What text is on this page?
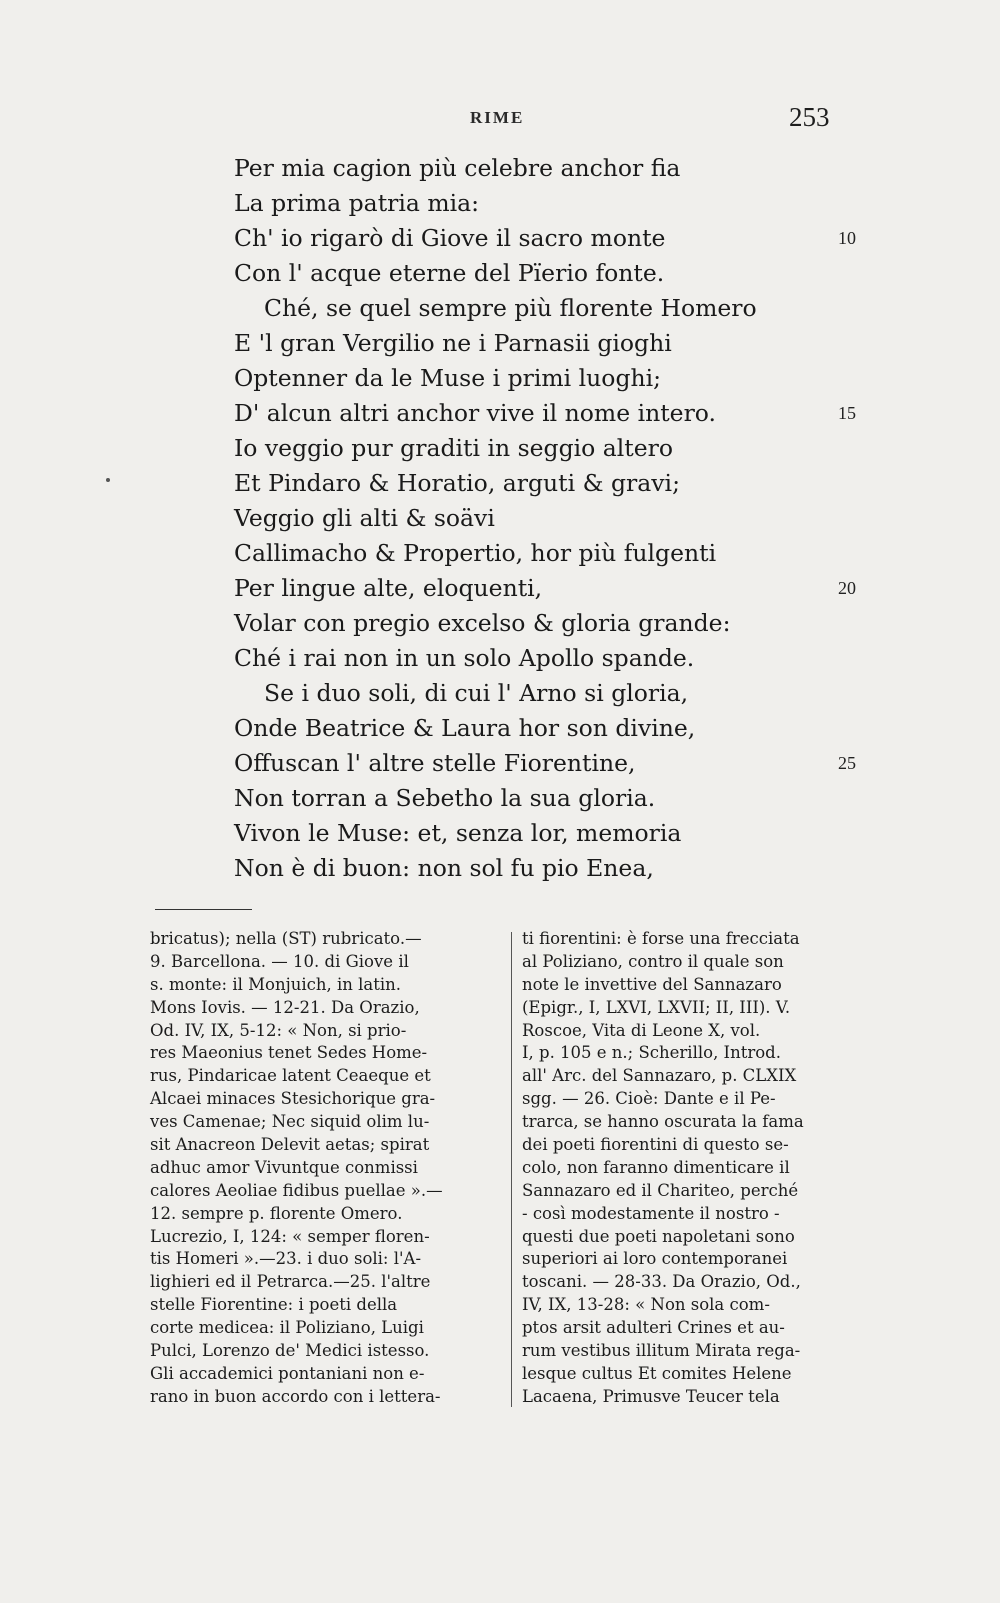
RIME	253
Per mia cagion più celebre anchor fia
La prima patria mia:
Ch' io rigarò di Giove il sacro monte
Con l' acque eterne del Pïerio fonte.
Ché, se quel sempre più florente Homero
E 'l gran Vergilio ne i Parnasii gioghi
Optenner da le Muse i primi luoghi;
D' alcun altri anchor vive il nome intero.
Io veggio pur graditi in seggio altero
Et Pindaro & Horatio, arguti & gravi;
Veggio gli alti & soävi
Callimacho & Propertio, hor più fulgenti
Per lingue alte, eloquenti,
Volar con pregio excelso & gloria grande:
Ché i rai non in un solo Apollo spande.
Se i duo soli, di cui l' Arno si gloria,
Onde Beatrice & Laura hor son divine,
Offuscan l' altre stelle Fiorentine,
Non torran a Sebetho la sua gloria.
Vivon le Muse: et, senza lor, memoria
Non è di buon: non sol fu pio Enea,
10
15
20
25
bricatus); nella (ST) rubricato.—
9. Barcellona. — 10. di Giove il
s. monte: il Monjuich, in latin.
Mons Iovis. — 12-21. Da Orazio,
Od. IV, IX, 5-12: « Non, si prio-
res Maeonius tenet Sedes Home-
rus, Pindaricae latent Ceaeque et
Alcaei minaces Stesichorique gra-
ves Camenae; Nec siquid olim lu-
sit Anacreon Delevit aetas; spirat
adhuc amor Vivuntque conmissi
calores Aeoliae fidibus puellae ».—
12. sempre p. florente Omero.
Lucrezio, I, 124: « semper floren-
tis Homeri ».—23. i duo soli: l'A-
lighieri ed il Petrarca.—25. l'altre
stelle Fiorentine: i poeti della
corte medicea: il Poliziano, Luigi
Pulci, Lorenzo de' Medici istesso.
Gli accademici pontaniani non e-
rano in buon accordo con i lettera-
ti fiorentini: è forse una frecciata
al Poliziano, contro il quale son
note le invettive del Sannazaro
(Epigr., I, LXVI, LXVII; II, III). V.
Roscoe, Vita di Leone X, vol.
I, p. 105 e n.; Scherillo, Introd.
all' Arc. del Sannazaro, p. CLXIX
sgg. — 26. Cioè: Dante e il Pe-
trarca, se hanno oscurata la fama
dei poeti fiorentini di questo se-
colo, non faranno dimenticare il
Sannazaro ed il Chariteo, perché
- così modestamente il nostro -
questi due poeti napoletani sono
superiori ai loro contemporanei
toscani. — 28-33. Da Orazio, Od.,
IV, IX, 13-28: « Non sola com-
ptos arsit adulteri Crines et au-
rum vestibus illitum Mirata regа-
lesque cultus Et comites Helene
Lacaena, Primusve Teucer tela
